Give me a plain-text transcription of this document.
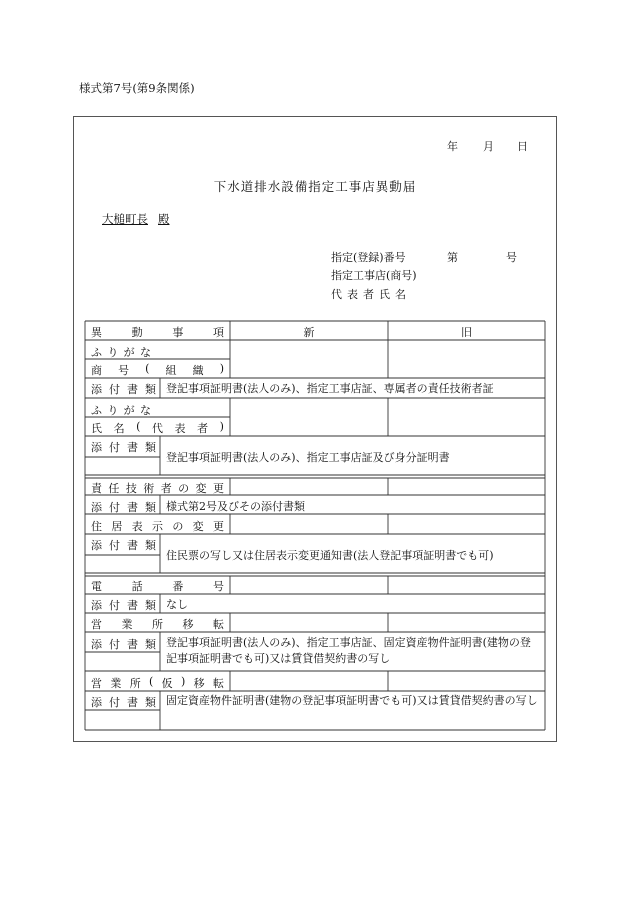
様式第7号(第9条関係)
年 月 日
下水道排水設備指定工事店異動届
大槌町長 殿
指定(登録)番号	第	号
指定工事店(商号)
代表者氏名
異	動	事	項	新	旧
ふ り が な
商 号 ( 組 織 )
添 付 書 類 登記事項証明書(法人のみ)、指定工事店証、専属者の責任技術者証
ふ り が な
氏 名 ( 代 表 者 )
添 付 書 類
登記事項証明書(法人のみ)、指定工事店証及び身分証明書
責 任 技 術 者 の 変 更
添 付 書 類 様式第2号及びその添付書類
住 居 表 示 の 変 更
添 付 書 類
住民票の写し又は住居表示変更通知書(法人登記事項証明書でも可)
電	話	番	号
添 付 書 類 なし
営 業 所 移 転
添 付 書 類 登記事項証明書(法人のみ)、指定工事店証、固定資産物件証明書(建物の登記事項証明書でも可)又は賃貸借契約書の写し
営 業 所 ( 仮 ) 移 転
添 付 書 類 固定資産物件証明書(建物の登記事項証明書でも可)又は賃貸借契約書の写し
